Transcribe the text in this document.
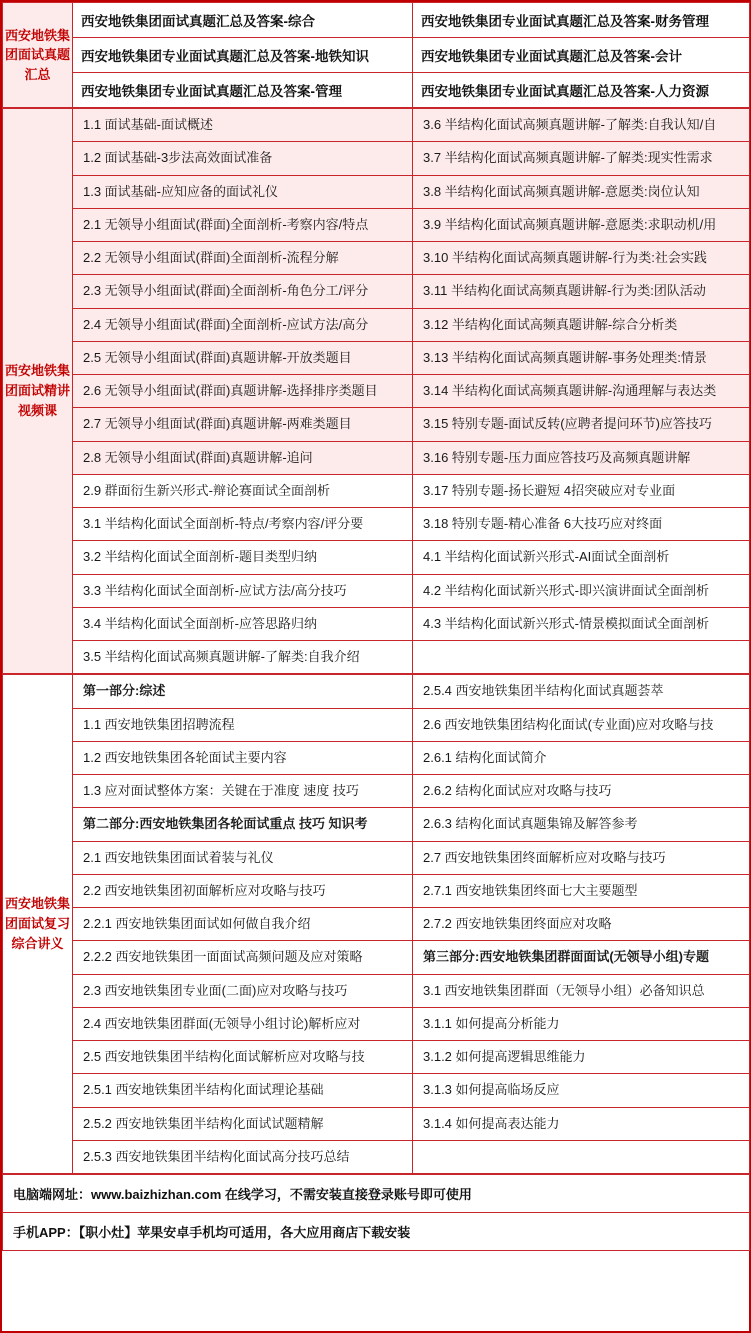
西安地铁集团面试真题汇总	西安地铁集团面试真题汇总及答案-综合	西安地铁集团专业面试真题汇总及答案-财务管理
	西安地铁集团专业面试真题汇总及答案-地铁知识	西安地铁集团专业面试真题汇总及答案-会计
	西安地铁集团专业面试真题汇总及答案-管理	西安地铁集团专业面试真题汇总及答案-人力资源
西安地铁集团面试精讲视频课	1.1 面试基础-面试概述	3.6 半结构化面试高频真题讲解-了解类:自我认知/自
	1.2 面试基础-3步法高效面试准备	3.7 半结构化面试高频真题讲解-了解类:现实性需求
	1.3 面试基础-应知应备的面试礼仪	3.8 半结构化面试高频真题讲解-意愿类:岗位认知
	2.1 无领导小组面试(群面)全面剖析-考察内容/特点	3.9 半结构化面试高频真题讲解-意愿类:求职动机/用
	2.2 无领导小组面试(群面)全面剖析-流程分解	3.10 半结构化面试高频真题讲解-行为类:社会实践
	2.3 无领导小组面试(群面)全面剖析-角色分工/评分	3.11 半结构化面试高频真题讲解-行为类:团队活动
	2.4 无领导小组面试(群面)全面剖析-应试方法/高分	3.12 半结构化面试高频真题讲解-综合分析类
	2.5 无领导小组面试(群面)真题讲解-开放类题目	3.13 半结构化面试高频真题讲解-事务处理类:情景
	2.6 无领导小组面试(群面)真题讲解-选择排序类题目	3.14 半结构化面试高频真题讲解-沟通理解与表达类
	2.7 无领导小组面试(群面)真题讲解-两难类题目	3.15 特别专题-面试反转(应聘者提问环节)应答技巧
	2.8 无领导小组面试(群面)真题讲解-追问	3.16 特别专题-压力面应答技巧及高频真题讲解
	2.9 群面衍生新兴形式-辩论赛面试全面剖析	3.17 特别专题-扬长避短 4招突破应对专业面
	3.1 半结构化面试全面剖析-特点/考察内容/评分要	3.18 特别专题-精心准备 6大技巧应对终面
	3.2 半结构化面试全面剖析-题目类型归纳	4.1 半结构化面试新兴形式-AI面试全面剖析
	3.3 半结构化面试全面剖析-应试方法/高分技巧	4.2 半结构化面试新兴形式-即兴演讲面试全面剖析
	3.4 半结构化面试全面剖析-应答思路归纳	4.3 半结构化面试新兴形式-情景模拟面试全面剖析
	3.5 半结构化面试高频真题讲解-了解类:自我介绍	
西安地铁集团面试复习综合讲义	第一部分:综述	2.5.4 西安地铁集团半结构化面试真题荟萃
	1.1 西安地铁集团招聘流程	2.6 西安地铁集团结构化面试(专业面)应对攻略与技
	1.2 西安地铁集团各轮面试主要内容	2.6.1 结构化面试简介
	1.3 应对面试整体方案：关键在于准度 速度 技巧	2.6.2 结构化面试应对攻略与技巧
	第二部分:西安地铁集团各轮面试重点 技巧 知识考	2.6.3 结构化面试真题集锦及解答参考
	2.1 西安地铁集团面试着装与礼仪	2.7 西安地铁集团终面解析应对攻略与技巧
	2.2 西安地铁集团初面解析应对攻略与技巧	2.7.1 西安地铁集团终面七大主要题型
	2.2.1 西安地铁集团面试如何做自我介绍	2.7.2 西安地铁集团终面应对攻略
	2.2.2 西安地铁集团一面面试高频问题及应对策略	第三部分:西安地铁集团群面面试(无领导小组)专题
	2.3 西安地铁集团专业面(二面)应对攻略与技巧	3.1 西安地铁集团群面（无领导小组）必备知识总
	2.4 西安地铁集团群面(无领导小组讨论)解析应对	3.1.1 如何提高分析能力
	2.5 西安地铁集团半结构化面试解析应对攻略与技	3.1.2 如何提高逻辑思维能力
	2.5.1 西安地铁集团半结构化面试理论基础	3.1.3 如何提高临场反应
	2.5.2 西安地铁集团半结构化面试试题精解	3.1.4 如何提高表达能力
	2.5.3 西安地铁集团半结构化面试高分技巧总结	
电脑端网址：www.baizhizhan.com 在线学习，不需安装直接登录账号即可使用
手机APP：【职小灶】苹果安卓手机均可适用，各大应用商店下载安装
